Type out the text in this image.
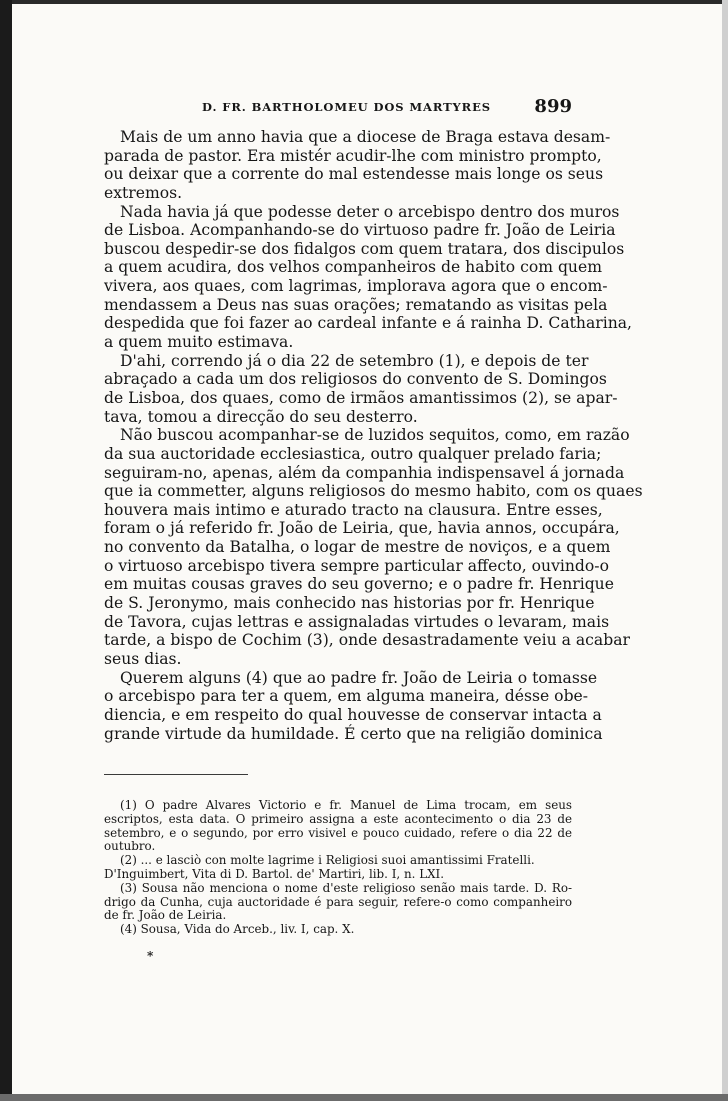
D. FR. BARTHOLOMEU DOS MARTYRES 899
Mais de um anno havia que a diocese de Braga estava desam-
parada de pastor. Era mistér acudir-lhe com ministro prompto,
ou deixar que a corrente do mal estendesse mais longe os seus
extremos.
Nada havia já que podesse deter o arcebispo dentro dos muros
de Lisboa. Acompanhando-se do virtuoso padre fr. João de Leiria
buscou despedir-se dos fidalgos com quem tratara, dos discipulos
a quem acudira, dos velhos companheiros de habito com quem
vivera, aos quaes, com lagrimas, implorava agora que o encom-
mendassem a Deus nas suas orações; rematando as visitas pela
despedida que foi fazer ao cardeal infante e á rainha D. Catharina,
a quem muito estimava.
D'ahi, correndo já o dia 22 de setembro (1), e depois de ter
abraçado a cada um dos religiosos do convento de S. Domingos
de Lisboa, dos quaes, como de irmãos amantissimos (2), se apar-
tava, tomou a direcção do seu desterro.
Não buscou acompanhar-se de luzidos sequitos, como, em razão
da sua auctoridade ecclesiastica, outro qualquer prelado faria;
seguiram-no, apenas, além da companhia indispensavel á jornada
que ia commetter, alguns religiosos do mesmo habito, com os quaes
houvera mais intimo e aturado tracto na clausura. Entre esses,
foram o já referido fr. João de Leiria, que, havia annos, occupára,
no convento da Batalha, o logar de mestre de noviços, e a quem
o virtuoso arcebispo tivera sempre particular affecto, ouvindo-o
em muitas cousas graves do seu governo; e o padre fr. Henrique
de S. Jeronymo, mais conhecido nas historias por fr. Henrique
de Tavora, cujas lettras e assignaladas virtudes o levaram, mais
tarde, a bispo de Cochim (3), onde desastradamente veiu a acabar
seus dias.
Querem alguns (4) que ao padre fr. João de Leiria o tomasse
o arcebispo para ter a quem, em alguma maneira, désse obe-
diencia, e em respeito do qual houvesse de conservar intacta a
grande virtude da humildade. É certo que na religião dominica
(1) O padre Alvares Victorio e fr. Manuel de Lima trocam, em seus
escriptos, esta data. O primeiro assigna a este acontecimento o dia 23 de
setembro, e o segundo, por erro visivel e pouco cuidado, refere o dia 22 de
outubro.
(2) ... e lasciò con molte lagrime i Religiosi suoi amantissimi Fratelli.
D'Inguimbert, Vita di D. Bartol. de' Martiri, lib. I, n. LXI.
(3) Sousa não menciona o nome d'este religioso senão mais tarde. D. Ro-
drigo da Cunha, cuja auctoridade é para seguir, refere-o como companheiro
de fr. João de Leiria.
(4) Sousa, Vida do Arceb., liv. I, cap. X.
*
